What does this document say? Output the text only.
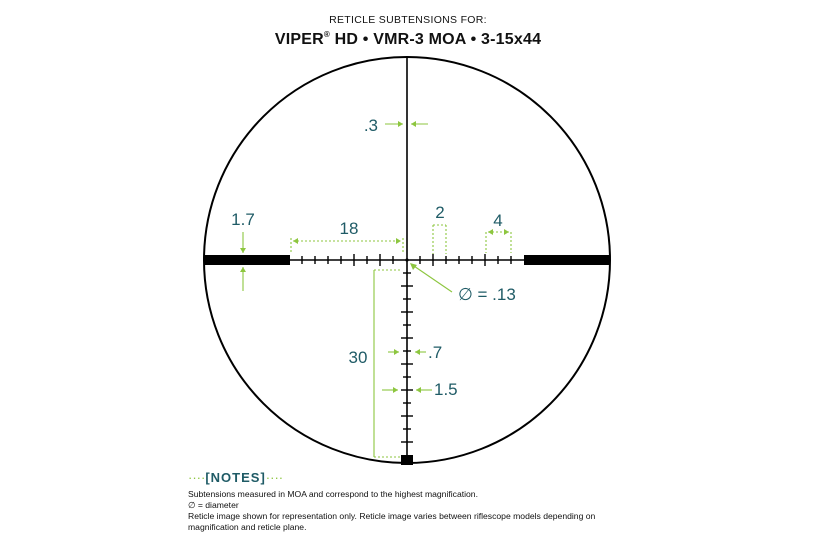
RETICLE SUBTENSIONS FOR:
VIPER® HD • VMR-3 MOA • 3-15x44
.3
1.7	18
2	4
∅ = .13
30	.7
1.5
····[NOTES]····

Subtensions measured in MOA and correspond to the highest magnification.

∅ = diameter

Reticle image shown for representation only. Reticle image varies between riflescope models depending on magnification and reticle plane.
